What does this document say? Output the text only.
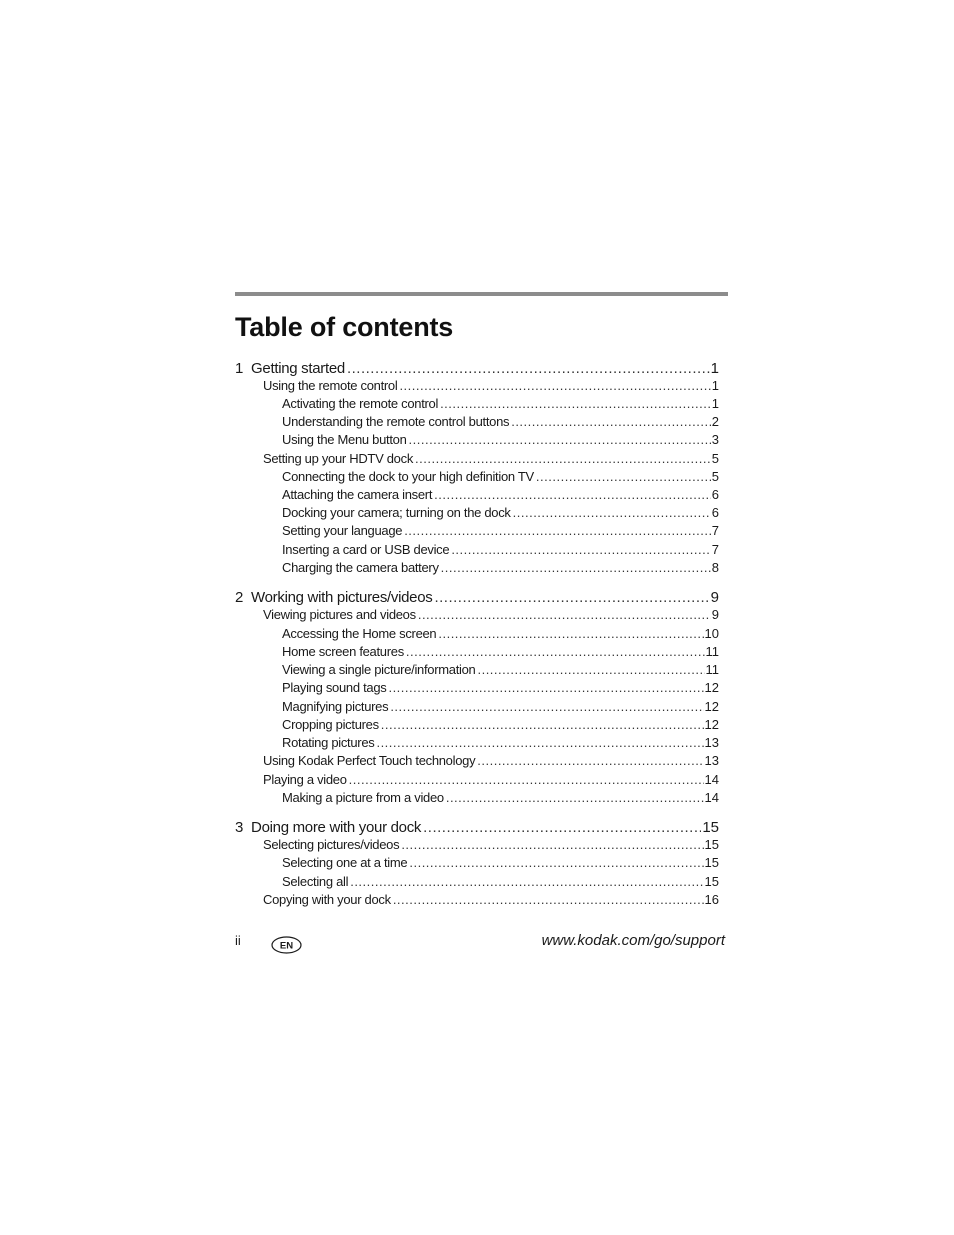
Table of contents
1 Getting started .....	1
Using the remote control .....	1
Activating the remote control .....	1
Understanding the remote control buttons .....	2
Using the Menu button .....	3
Setting up your HDTV dock .....	5
Connecting the dock to your high definition TV .....	5
Attaching the camera insert .....	6
Docking your camera; turning on the dock .....	6
Setting your language .....	7
Inserting a card or USB device .....	7
Charging the camera battery .....	8
2 Working with pictures/videos .....	9
Viewing pictures and videos .....	9
Accessing the Home screen .....	10
Home screen features .....	11
Viewing a single picture/information .....	11
Playing sound tags .....	12
Magnifying pictures .....	12
Cropping pictures .....	12
Rotating pictures .....	13
Using Kodak Perfect Touch technology .....	13
Playing a video .....	14
Making a picture from a video .....	14
3 Doing more with your dock .....	15
Selecting pictures/videos .....	15
Selecting one at a time .....	15
Selecting all .....	15
Copying with your dock .....	16
ii	EN	www.kodak.com/go/support
